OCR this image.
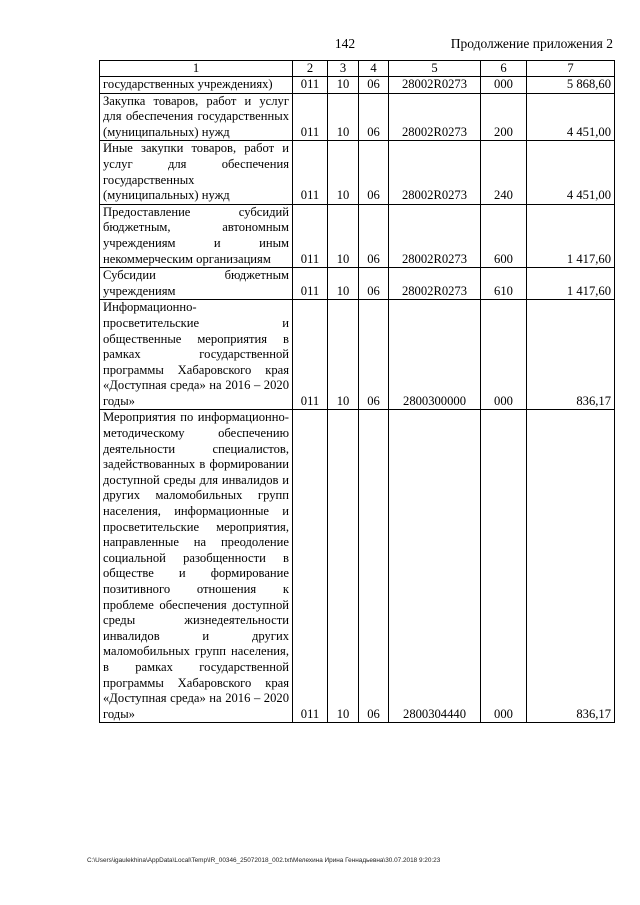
142	Продолжение приложения 2
1	2	3	4	5	6	7
государственных учреждениях)	011	10	06	28002R0273	000	5 868,60
Закупка товаров, работ и услуг для обеспечения государственных (муниципальных) нужд	011	10	06	28002R0273	200	4 451,00
Иные закупки товаров, работ и услуг для обеспечения государственных (муниципальных) нужд	011	10	06	28002R0273	240	4 451,00
Предоставление субсидий бюджетным, автономным учреждениям и иным некоммерческим организациям	011	10	06	28002R0273	600	1 417,60
Субсидии бюджетным учреждениям	011	10	06	28002R0273	610	1 417,60
Информационно-просветительские и общественные мероприятия в рамках государственной программы Хабаровского края «Доступная среда» на 2016 – 2020 годы»	011	10	06	2800300000	000	836,17
Мероприятия по информационно-методическому обеспечению деятельности специалистов, задействованных в формировании доступной среды для инвалидов и других маломобильных групп населения, информационные и просветительские мероприятия, направленные на преодоление социальной разобщенности в обществе и формирование позитивного отношения к проблеме обеспечения доступной среды жизнедеятельности инвалидов и других маломобильных групп населения, в рамках государственной программы Хабаровского края «Доступная среда» на 2016 – 2020 годы»	011	10	06	2800304440	000	836,17
C:\Users\igaulekhina\AppData\Local\Temp\IR_00346_25072018_002.txt\Мелехина Ирина Геннадьевна\30.07.2018 9:20:23
